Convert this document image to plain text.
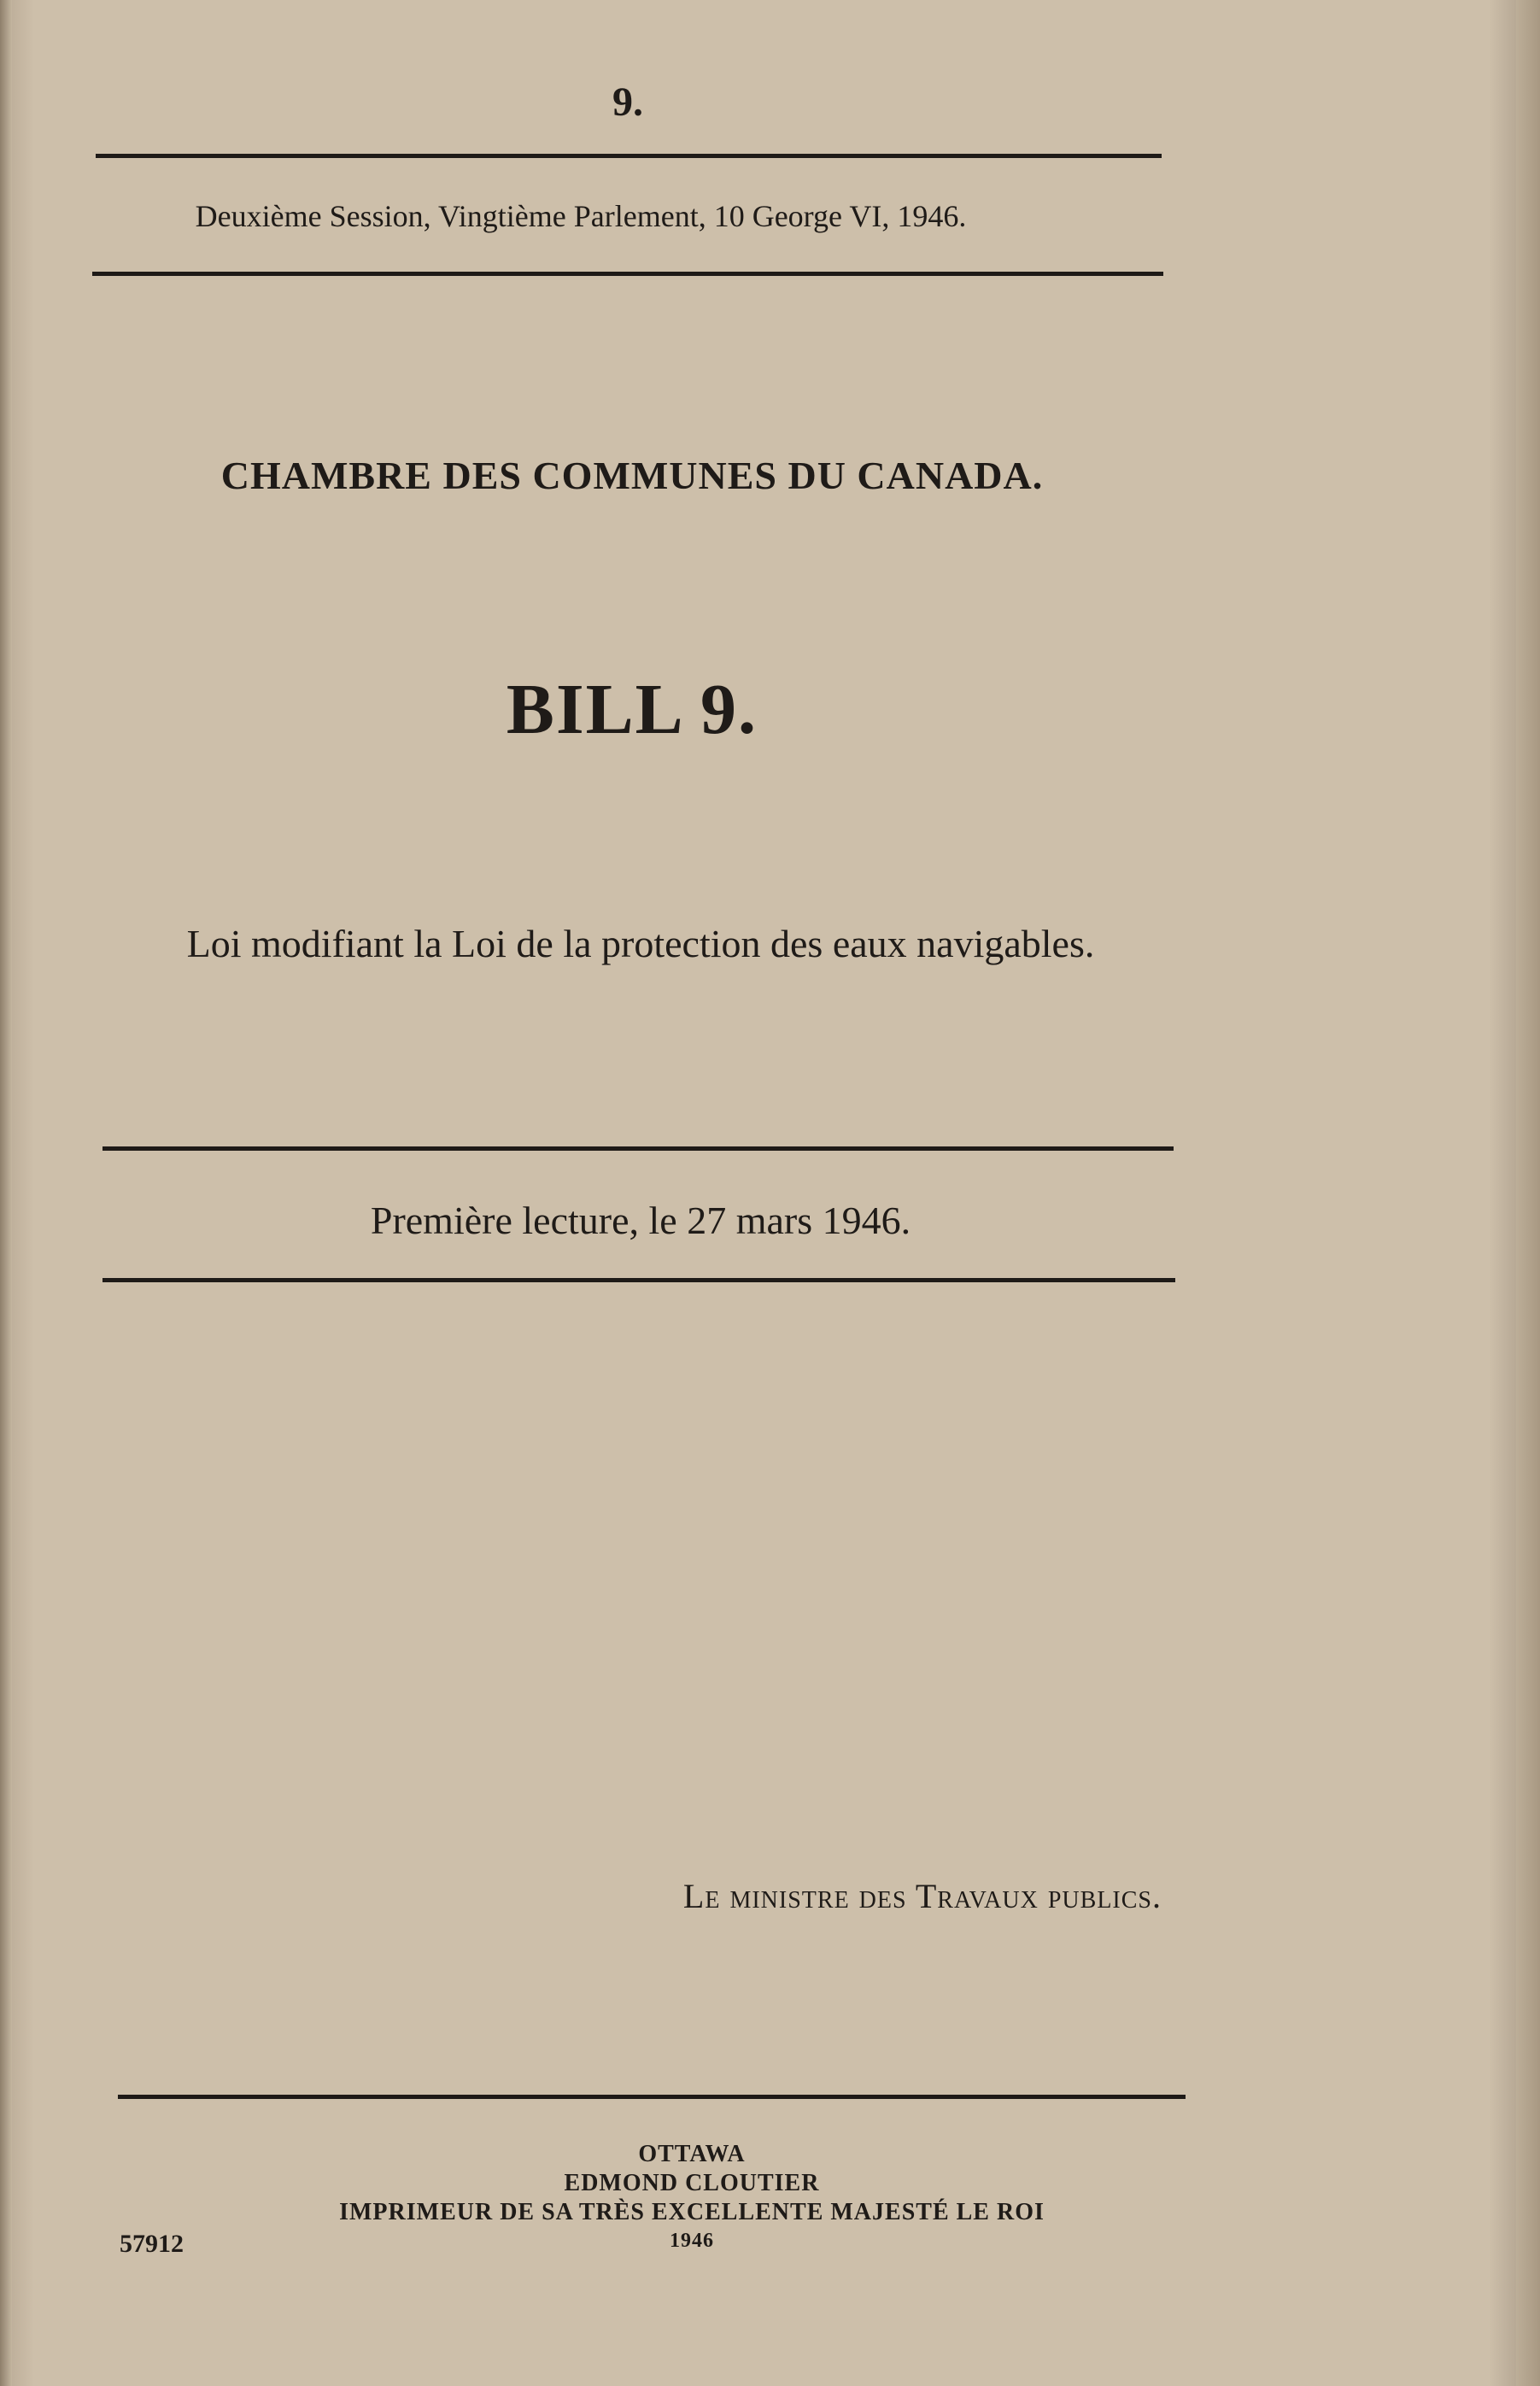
9.
Deuxième Session, Vingtième Parlement, 10 George VI, 1946.
CHAMBRE DES COMMUNES DU CANADA.
BILL 9.
Loi modifiant la Loi de la protection des eaux navigables.
Première lecture, le 27 mars 1946.
Le ministre des Travaux publics.
OTTAWA
EDMOND CLOUTIER
IMPRIMEUR DE SA TRÈS EXCELLENTE MAJESTÉ LE ROI
1946
57912
